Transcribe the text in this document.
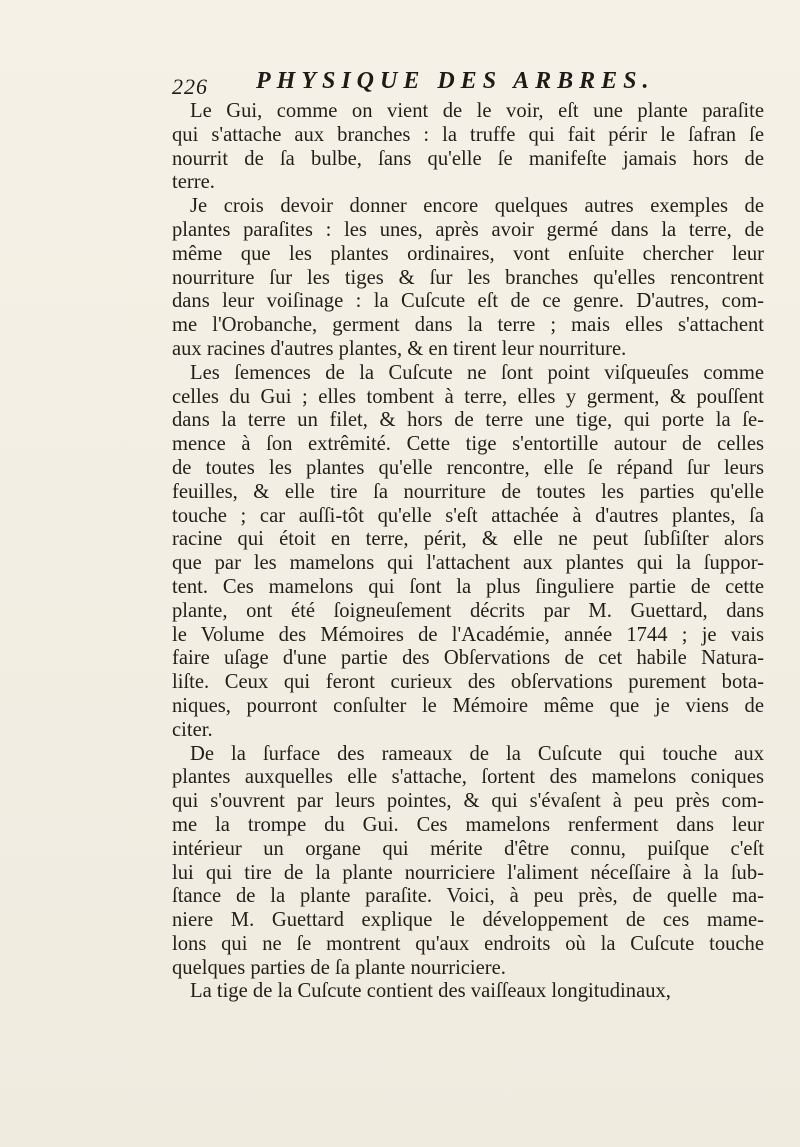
226 PHYSIQUE DES ARBRES.
Le Gui, comme on vient de le voir, eſt une plante paraſite
qui s'attache aux branches : la truffe qui fait périr le ſafran ſe
nourrit de ſa bulbe, ſans qu'elle ſe manifeſte jamais hors de
terre.
Je crois devoir donner encore quelques autres exemples de
plantes paraſites : les unes, après avoir germé dans la terre, de
même que les plantes ordinaires, vont enſuite chercher leur
nourriture ſur les tiges & ſur les branches qu'elles rencontrent
dans leur voiſinage : la Cuſcute eſt de ce genre. D'autres, com-
me l'Orobanche, germent dans la terre ; mais elles s'attachent
aux racines d'autres plantes, & en tirent leur nourriture.
Les ſemences de la Cuſcute ne ſont point viſqueuſes comme
celles du Gui ; elles tombent à terre, elles y germent, & pouſſent
dans la terre un filet, & hors de terre une tige, qui porte la ſe-
mence à ſon extrêmité. Cette tige s'entortille autour de celles
de toutes les plantes qu'elle rencontre, elle ſe répand ſur leurs
feuilles, & elle tire ſa nourriture de toutes les parties qu'elle
touche ; car auſſi-tôt qu'elle s'eſt attachée à d'autres plantes, ſa
racine qui étoit en terre, périt, & elle ne peut ſubſiſter alors
que par les mamelons qui l'attachent aux plantes qui la ſuppor-
tent. Ces mamelons qui ſont la plus ſinguliere partie de cette
plante, ont été ſoigneuſement décrits par M. Guettard, dans
le Volume des Mémoires de l'Académie, année 1744 ; je vais
faire uſage d'une partie des Obſervations de cet habile Natura-
liſte. Ceux qui feront curieux des obſervations purement bota-
niques, pourront conſulter le Mémoire même que je viens de
citer.
De la ſurface des rameaux de la Cuſcute qui touche aux
plantes auxquelles elle s'attache, ſortent des mamelons coniques
qui s'ouvrent par leurs pointes, & qui s'évaſent à peu près com-
me la trompe du Gui. Ces mamelons renferment dans leur
intérieur un organe qui mérite d'être connu, puiſque c'eſt
lui qui tire de la plante nourriciere l'aliment néceſſaire à la ſub-
ſtance de la plante paraſite. Voici, à peu près, de quelle ma-
niere M. Guettard explique le développement de ces mame-
lons qui ne ſe montrent qu'aux endroits où la Cuſcute touche
quelques parties de ſa plante nourriciere.
La tige de la Cuſcute contient des vaiſſeaux longitudinaux,
